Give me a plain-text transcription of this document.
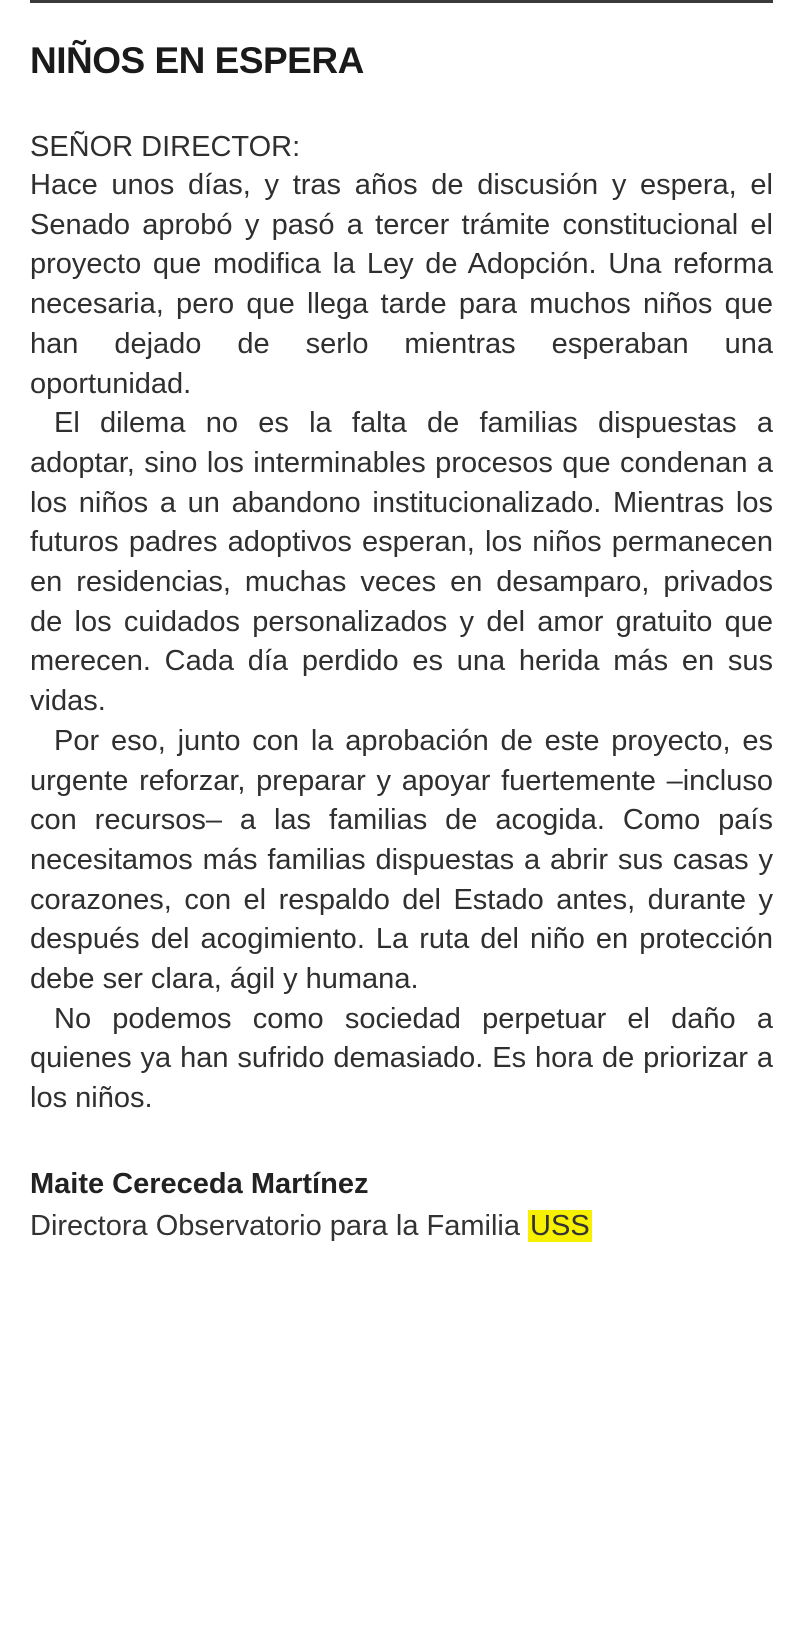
NIÑOS EN ESPERA
SEÑOR DIRECTOR:

Hace unos días, y tras años de discusión y espera, el Senado aprobó y pasó a tercer trámite constitucional el proyecto que modifica la Ley de Adopción. Una reforma necesaria, pero que llega tarde para muchos niños que han dejado de serlo mientras esperaban una oportunidad.

El dilema no es la falta de familias dispuestas a adoptar, sino los interminables procesos que condenan a los niños a un abandono institucionalizado. Mientras los futuros padres adoptivos esperan, los niños permanecen en residencias, muchas veces en desamparo, privados de los cuidados personalizados y del amor gratuito que merecen. Cada día perdido es una herida más en sus vidas.

Por eso, junto con la aprobación de este proyecto, es urgente reforzar, preparar y apoyar fuertemente –incluso con recursos– a las familias de acogida. Como país necesitamos más familias dispuestas a abrir sus casas y corazones, con el respaldo del Estado antes, durante y después del acogimiento. La ruta del niño en protección debe ser clara, ágil y humana.

No podemos como sociedad perpetuar el daño a quienes ya han sufrido demasiado. Es hora de priorizar a los niños.

Maite Cereceda Martínez

Directora Observatorio para la Familia USS
